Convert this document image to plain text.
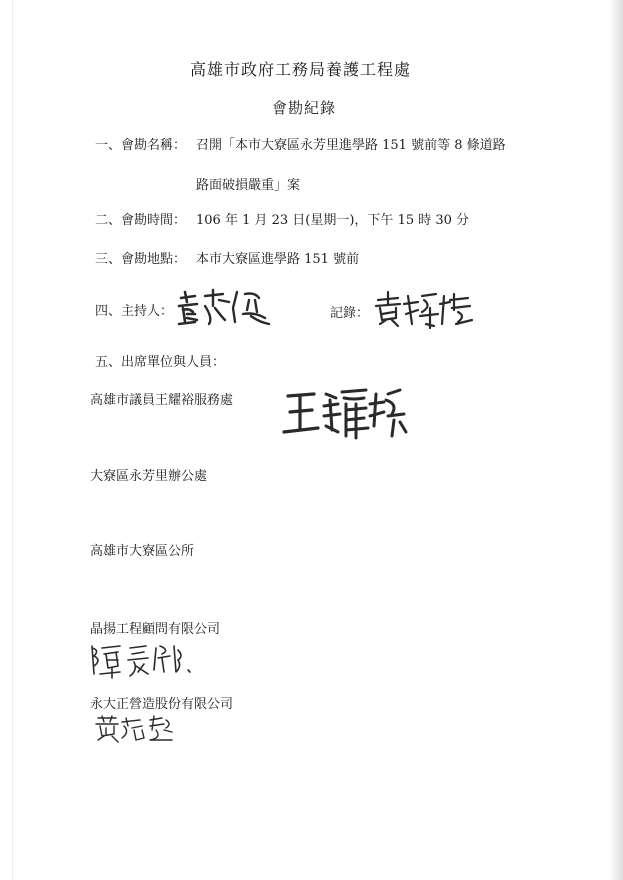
高雄市政府工務局養護工程處
會勘紀錄
一、會勘名稱： 召開「本市大寮區永芳里進學路 151 號前等 8 條道路
路面破損嚴重」案
二、會勘時間： 106 年 1 月 23 日(星期一)，下午 15 時 30 分
三、會勘地點： 本市大寮區進學路 151 號前
四、主持人：	記錄：
五、出席單位與人員：
高雄市議員王耀裕服務處
大寮區永芳里辦公處
高雄市大寮區公所
晶揚工程顧問有限公司
永大正營造股份有限公司
